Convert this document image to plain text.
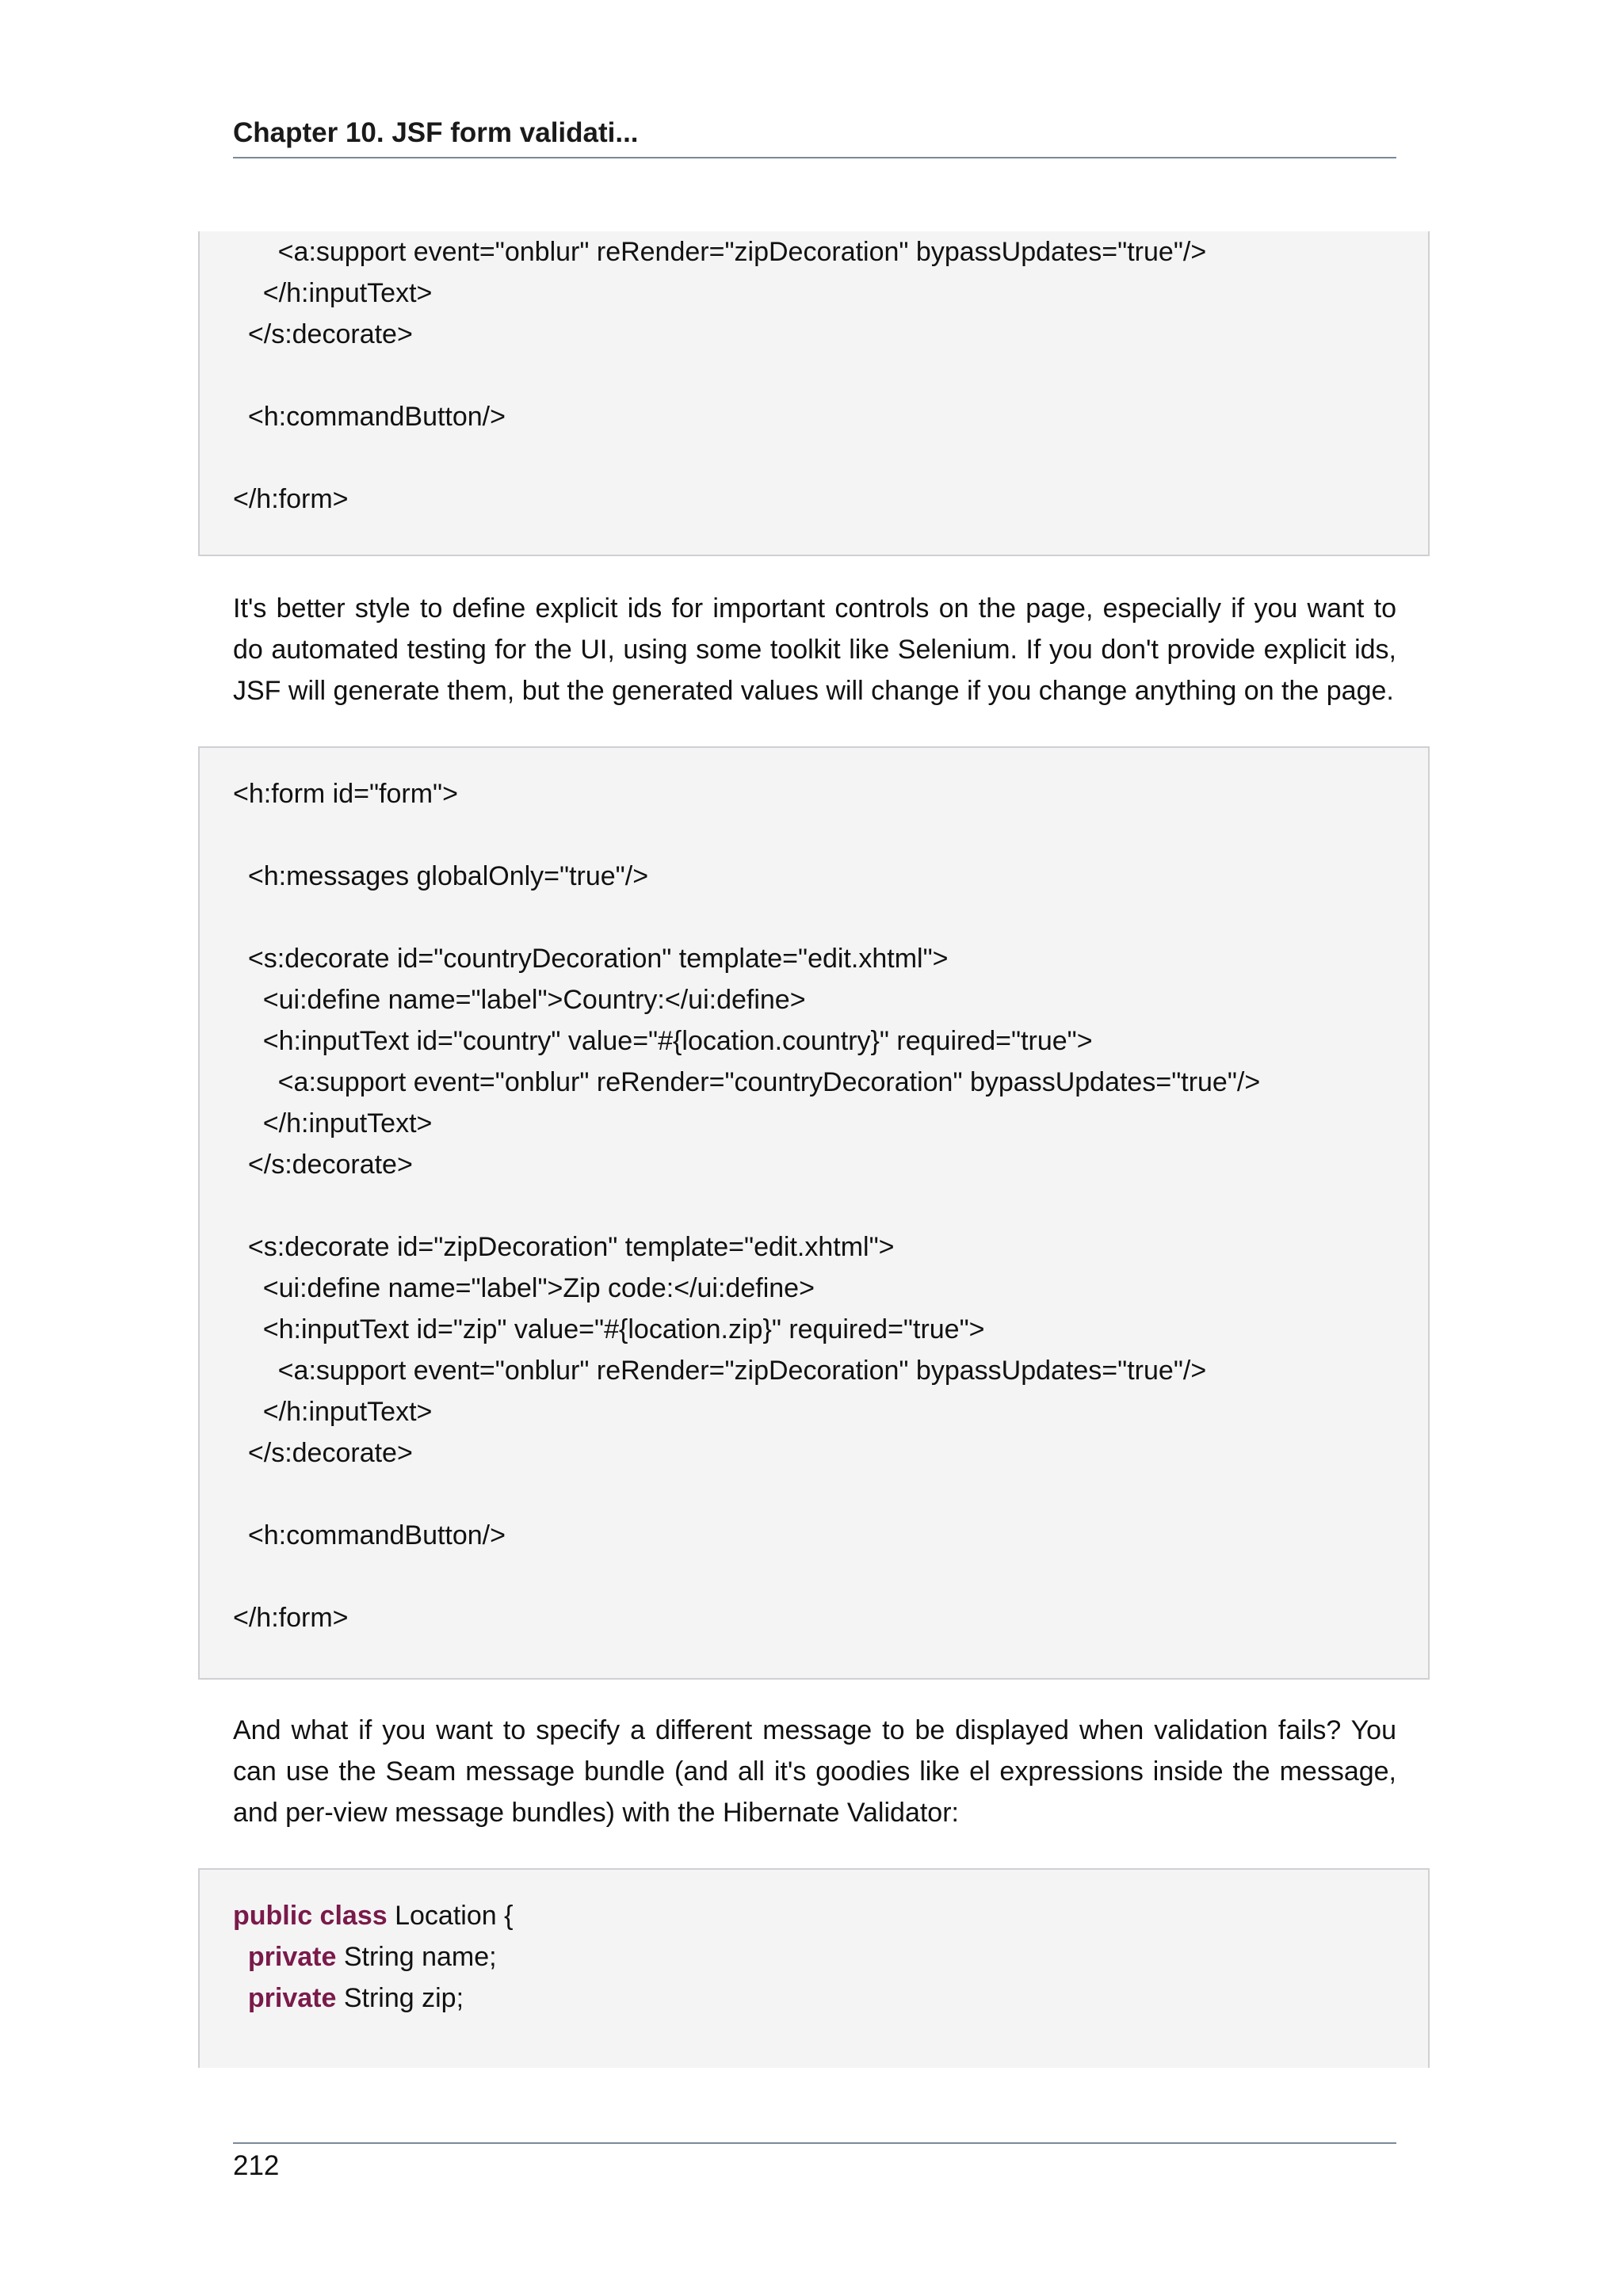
Chapter 10. JSF form validati...
<a:support event="onblur" reRender="zipDecoration" bypassUpdates="true"/>
</h:inputText>
</s:decorate>
<h:commandButton/>
</h:form>
It's better style to define explicit ids for important controls on the page, especially if you want to
do automated testing for the UI, using some toolkit like Selenium. If you don't provide explicit ids,
JSF will generate them, but the generated values will change if you change anything on the page.
<h:form id="form">
<h:messages globalOnly="true"/>
<s:decorate id="countryDecoration" template="edit.xhtml">
<ui:define name="label">Country:</ui:define>
<h:inputText id="country" value="#{location.country}" required="true">
<a:support event="onblur" reRender="countryDecoration" bypassUpdates="true"/>
</h:inputText>
</s:decorate>
<s:decorate id="zipDecoration" template="edit.xhtml">
<ui:define name="label">Zip code:</ui:define>
<h:inputText id="zip" value="#{location.zip}" required="true">
<a:support event="onblur" reRender="zipDecoration" bypassUpdates="true"/>
</h:inputText>
</s:decorate>
<h:commandButton/>
</h:form>
And what if you want to specify a different message to be displayed when validation fails? You
can use the Seam message bundle (and all it's goodies like el expressions inside the message,
and per-view message bundles) with the Hibernate Validator:
public class Location {
private String name;
private String zip;
212
